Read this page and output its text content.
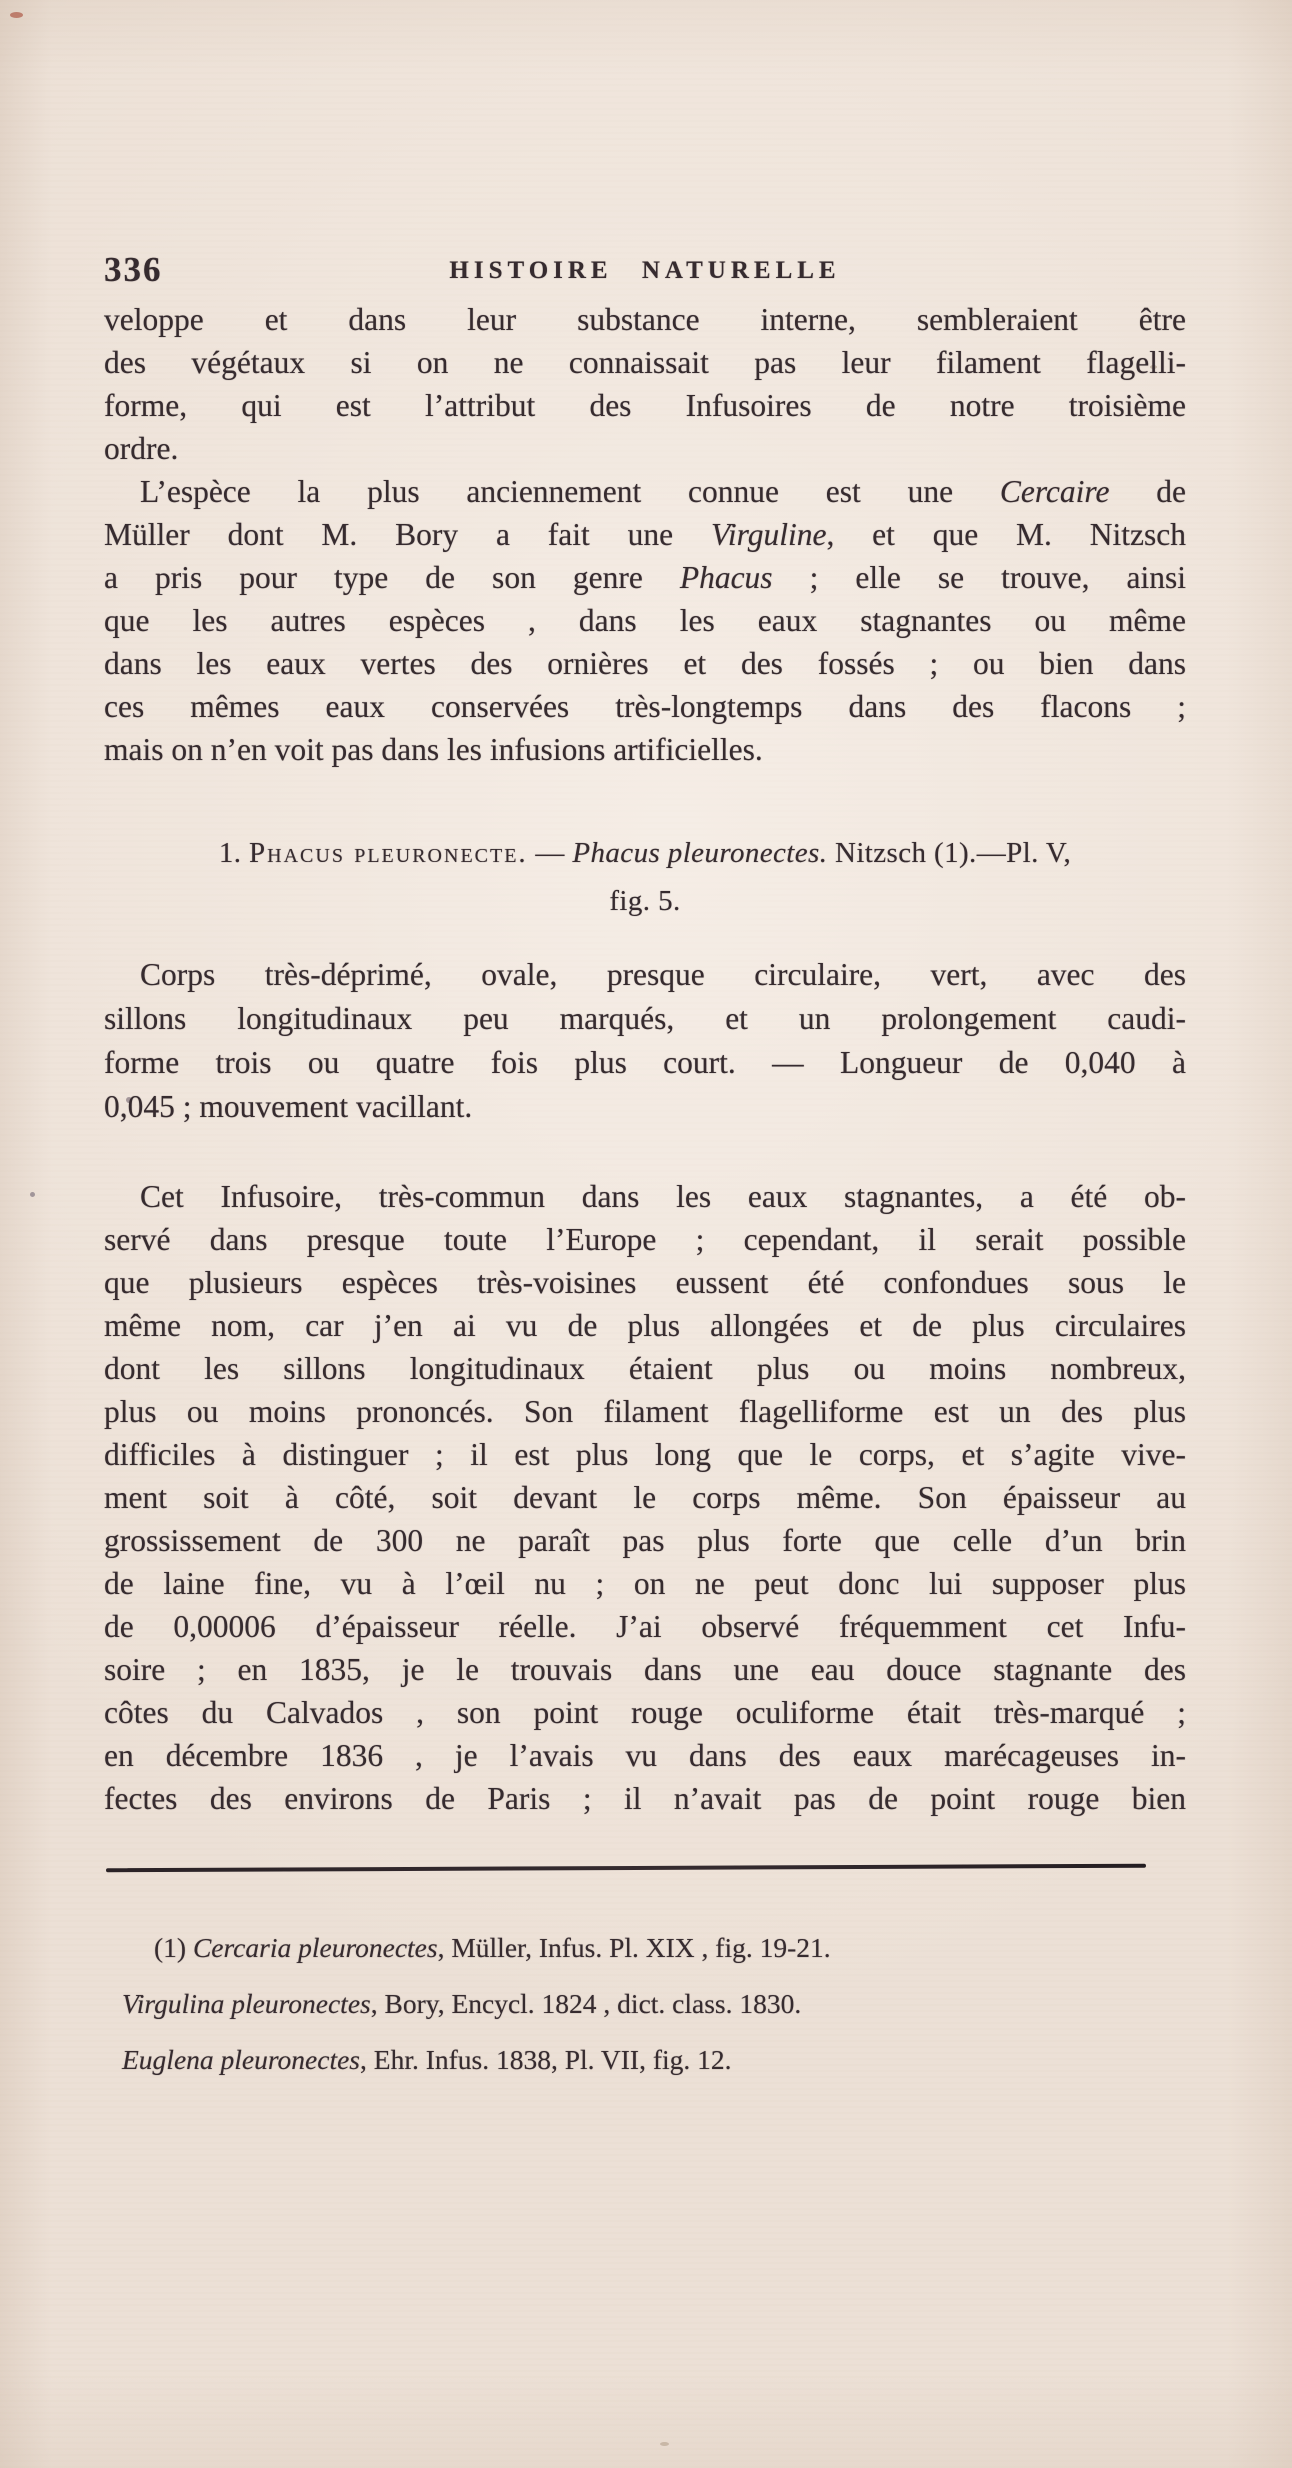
336	HISTOIRE NATURELLE
veloppe et dans leur substance interne, sembleraient être
des végétaux si on ne connaissait pas leur filament flagelli-
forme, qui est l’attribut des Infusoires de notre troisième
ordre.
L’espèce la plus anciennement connue est une Cercaire de
Müller dont M. Bory a fait une Virguline, et que M. Nitzsch
a pris pour type de son genre Phacus ; elle se trouve, ainsi
que les autres espèces , dans les eaux stagnantes ou même
dans les eaux vertes des ornières et des fossés ; ou bien dans
ces mêmes eaux conservées très-longtemps dans des flacons ;
mais on n’en voit pas dans les infusions artificielles.
1. Phacus pleuronecte. — Phacus pleuronectes. Nitzsch (1).—Pl. V,
fig. 5.
Corps très-déprimé, ovale, presque circulaire, vert, avec des
sillons longitudinaux peu marqués, et un prolongement caudi-
forme trois ou quatre fois plus court. — Longueur de 0,040 à
0,045 ; mouvement vacillant.
Cet Infusoire, très-commun dans les eaux stagnantes, a été ob-
servé dans presque toute l’Europe ; cependant, il serait possible
que plusieurs espèces très-voisines eussent été confondues sous le
même nom, car j’en ai vu de plus allongées et de plus circulaires
dont les sillons longitudinaux étaient plus ou moins nombreux,
plus ou moins prononcés. Son filament flagelliforme est un des plus
difficiles à distinguer ; il est plus long que le corps, et s’agite vive-
ment soit à côté, soit devant le corps même. Son épaisseur au
grossissement de 300 ne paraît pas plus forte que celle d’un brin
de laine fine, vu à l’œil nu ; on ne peut donc lui supposer plus
de 0,00006 d’épaisseur réelle. J’ai observé fréquemment cet Infu-
soire ; en 1835, je le trouvais dans une eau douce stagnante des
côtes du Calvados , son point rouge oculiforme était très-marqué ;
en décembre 1836 , je l’avais vu dans des eaux marécageuses in-
fectes des environs de Paris ; il n’avait pas de point rouge bien
(1) Cercaria pleuronectes, Müller, Infus. Pl. XIX , fig. 19-21.
Virgulina pleuronectes, Bory, Encycl. 1824 , dict. class. 1830.
Euglena pleuronectes, Ehr. Infus. 1838, Pl. VII, fig. 12.
